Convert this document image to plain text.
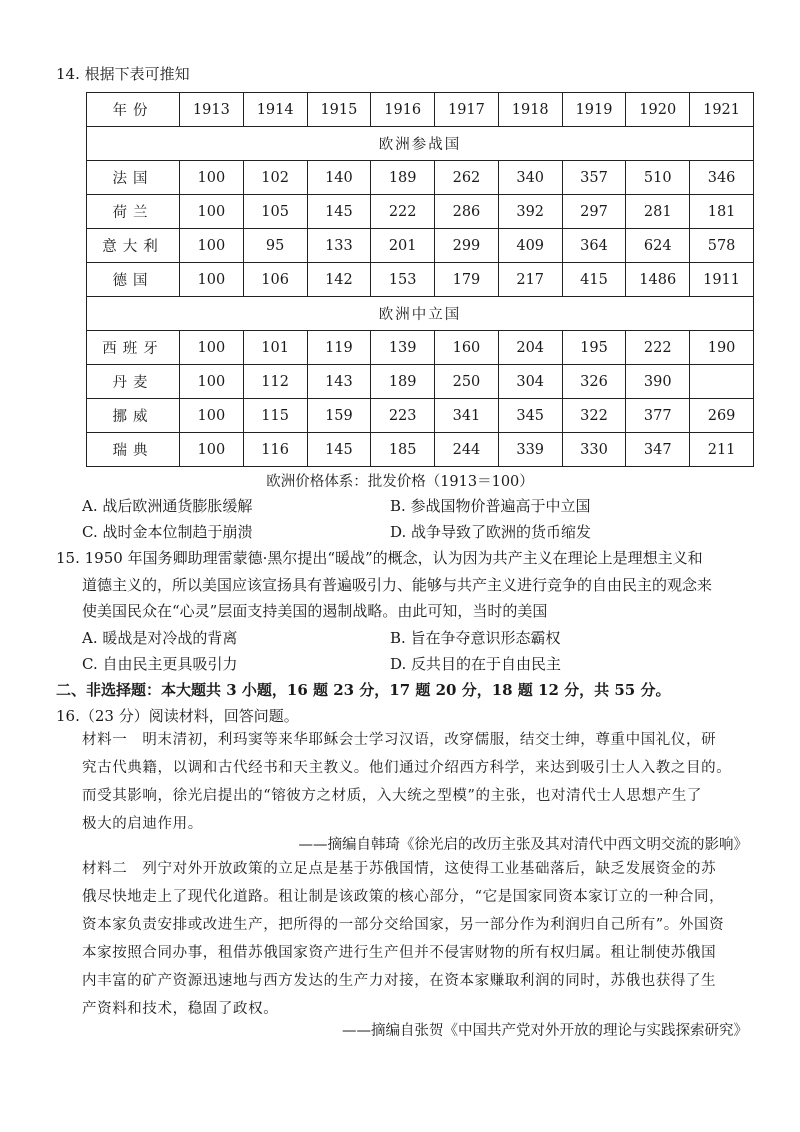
14. 根据下表可推知
年份	1913	1914	1915	1916	1917	1918	1919	1920	1921
欧洲参战国									
法国	100	102	140	189	262	340	357	510	346
荷兰	100	105	145	222	286	392	297	281	181
意大利	100	95	133	201	299	409	364	624	578
德国	100	106	142	153	179	217	415	1486	1911
欧洲中立国									
西班牙	100	101	119	139	160	204	195	222	190
丹麦	100	112	143	189	250	304	326	390	
挪威	100	115	159	223	341	345	322	377	269
瑞典	100	116	145	185	244	339	330	347	211
欧洲价格体系：批发价格（1913＝100）
A. 战后欧洲通货膨胀缓解	B. 参战国物价普遍高于中立国
C. 战时金本位制趋于崩溃	D. 战争导致了欧洲的货币缩发
15. 1950 年国务卿助理雷蒙德·黑尔提出“暖战”的概念，认为因为共产主义在理论上是理想主义和
道德主义的，所以美国应该宣扬具有普遍吸引力、能够与共产主义进行竞争的自由民主的观念来
使美国民众在“心灵”层面支持美国的遏制战略。由此可知，当时的美国
A. 暖战是对冷战的背离	B. 旨在争夺意识形态霸权
C. 自由民主更具吸引力	D. 反共目的在于自由民主
二、非选择题：本大题共 3 小题，16 题 23 分，17 题 20 分，18 题 12 分，共 55 分。
16.（23 分）阅读材料，回答问题。
材料一　明末清初，利玛窦等来华耶稣会士学习汉语，改穿儒服，结交士绅，尊重中国礼仪，研
究古代典籍，以调和古代经书和天主教义。他们通过介绍西方科学，来达到吸引士人入教之目的。
而受其影响，徐光启提出的“镕彼方之材质，入大统之型模”的主张，也对清代士人思想产生了
极大的启迪作用。
——摘编自韩琦《徐光启的改历主张及其对清代中西文明交流的影响》
材料二　列宁对外开放政策的立足点是基于苏俄国情，这使得工业基础落后，缺乏发展资金的苏
俄尽快地走上了现代化道路。租让制是该政策的核心部分，“它是国家同资本家订立的一种合同，
资本家负责安排或改进生产，把所得的一部分交给国家，另一部分作为利润归自己所有”。外国资
本家按照合同办事，租借苏俄国家资产进行生产但并不侵害财物的所有权归属。租让制使苏俄国
内丰富的矿产资源迅速地与西方发达的生产力对接，在资本家赚取利润的同时，苏俄也获得了生
产资料和技术，稳固了政权。
——摘编自张贺《中国共产党对外开放的理论与实践探索研究》
